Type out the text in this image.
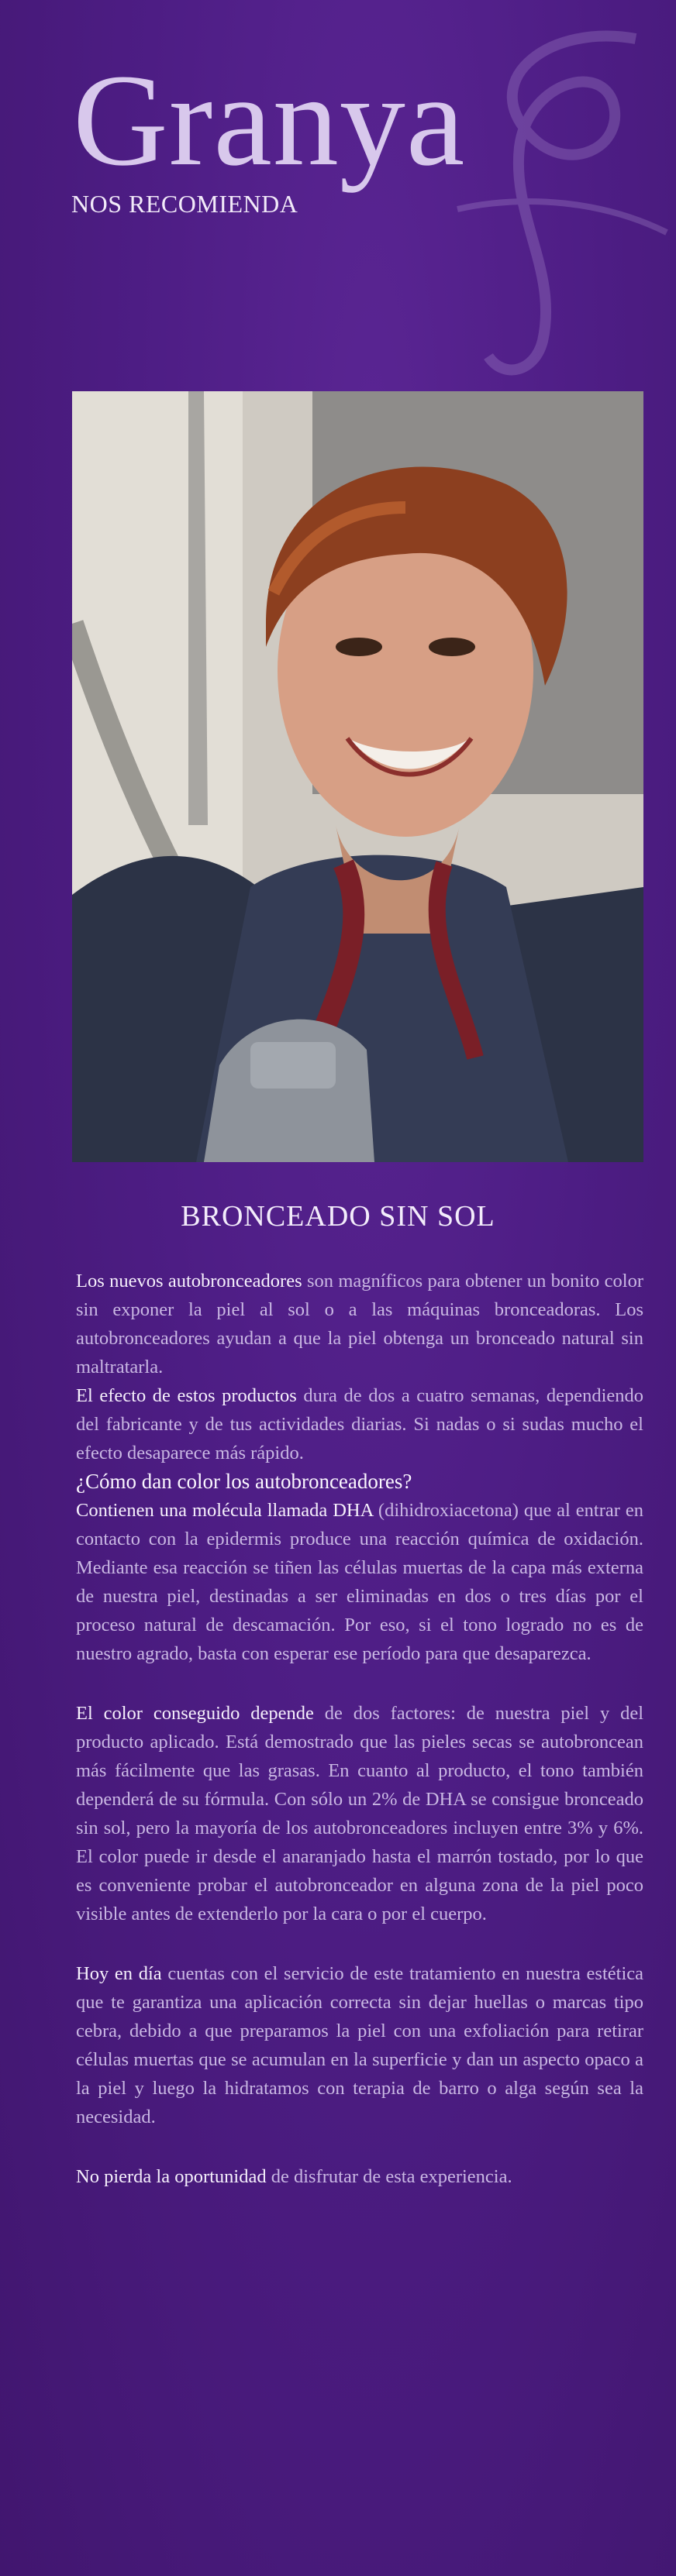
Granya
NOS RECOMIENDA
BRONCEADO SIN SOL

Los nuevos autobronceadores son magníficos para obtener un bonito color sin exponer la piel al sol o a las máquinas bronceadoras. Los autobronceadores ayudan a que la piel obtenga un bronceado natural sin maltratarla.

El efecto de estos productos dura de dos a cuatro semanas, dependiendo del fabricante y de tus actividades diarias. Si nadas o si sudas mucho el efecto desaparece más rápido.

¿Cómo dan color los autobronceadores?

Contienen una molécula llamada DHA (dihidroxiacetona) que al entrar en contacto con la epidermis produce una reacción química de oxidación. Mediante esa reacción se tiñen las células muertas de la capa más externa de nuestra piel, destinadas a ser eliminadas en dos o tres días por el proceso natural de descamación. Por eso, si el tono logrado no es de nuestro agrado, basta con esperar ese período para que desaparezca.

El color conseguido depende de dos factores: de nuestra piel y del producto aplicado. Está demostrado que las pieles secas se autobroncean más fácilmente que las grasas. En cuanto al producto, el tono también dependerá de su fórmula. Con sólo un 2% de DHA se consigue bronceado sin sol, pero la mayoría de los autobronceadores incluyen entre 3% y 6%. El color puede ir desde el anaranjado hasta el marrón tostado, por lo que es conveniente probar el autobronceador en alguna zona de la piel poco visible antes de extenderlo por la cara o por el cuerpo.

Hoy en día cuentas con el servicio de este tratamiento en nuestra estética que te garantiza una aplicación correcta sin dejar huellas o marcas tipo cebra, debido a que preparamos la piel con una exfoliación para retirar células muertas que se acumulan en la superficie y dan un aspecto opaco a la piel y luego la hidratamos con terapia de barro o alga según sea la necesidad.

No pierda la oportunidad de disfrutar de esta experiencia.
